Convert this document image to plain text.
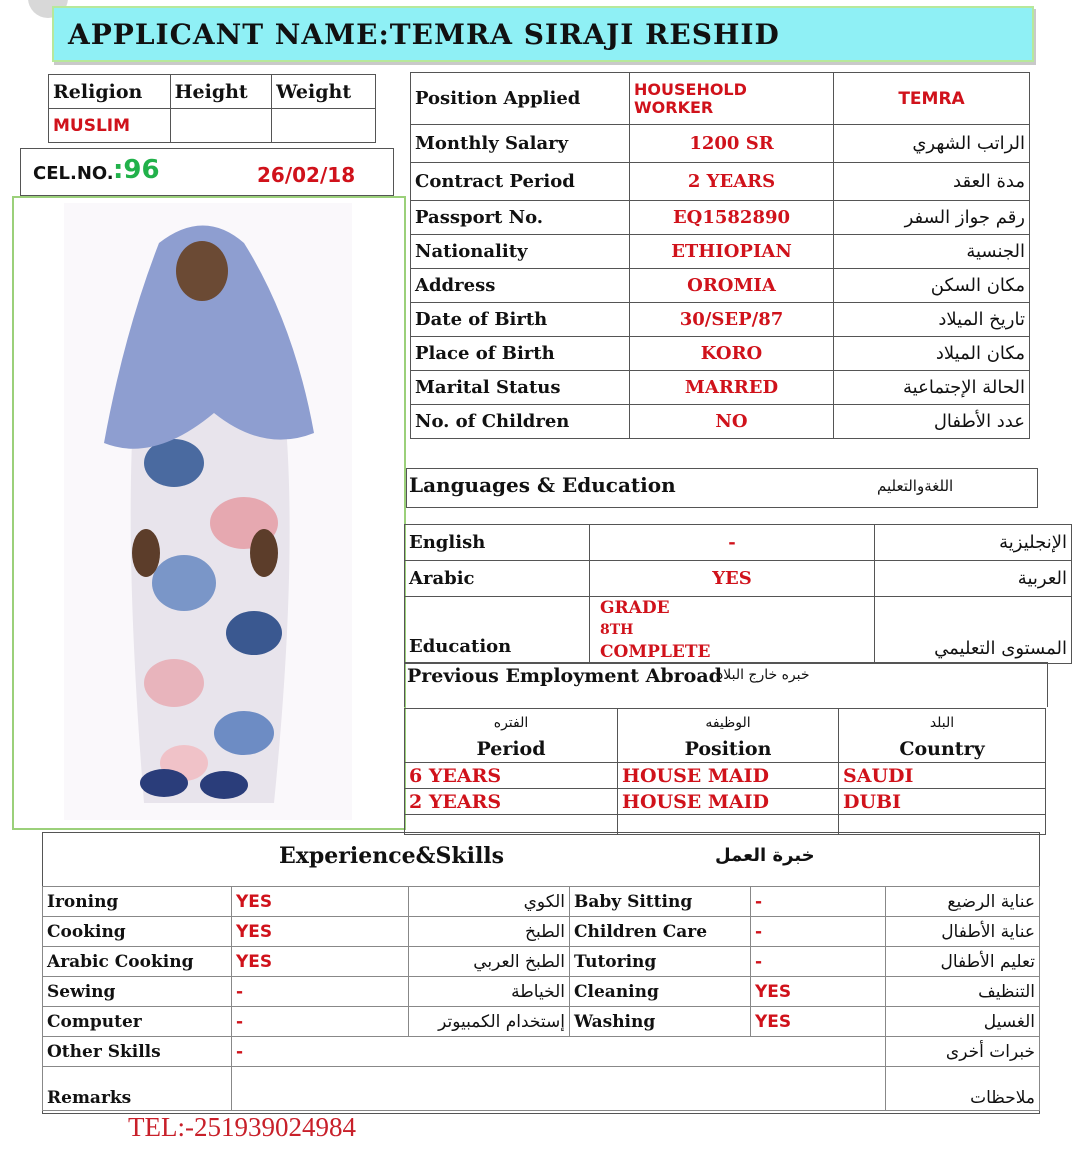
APPLICANT NAME:TEMRA SIRAJI RESHID
Religion	Height	Weight
MUSLIM		
CEL.NO. :96	26/02/18
Position Applied	HOUSEHOLD WORKER	TEMRA
Monthly Salary	1200 SR	الراتب الشهري
Contract Period	2 YEARS	مدة العقد
Passport No.	EQ1582890	رقم جواز السفر
Nationality	ETHIOPIAN	الجنسية
Address	OROMIA	مكان السكن
Date of Birth	30/SEP/87	تاريخ الميلاد
Place of Birth	KORO	مكان الميلاد
Marital Status	MARRED	الحالة الإجتماعية
No. of Children	NO	عدد الأطفال
Languages & Education	اللغةوالتعليم
English	-	الإنجليزية
Arabic	YES	العربية
Education	GRADE
8TH
COMPLETE	المستوى التعليمي
Previous Employment Abroad
خبره خارج البلاد
الفتره	الوظيفه	البلد
Period	Position	Country
6 YEARS	HOUSE MAID	SAUDI
2 YEARS	HOUSE MAID	DUBI

Experience&Skills	خبرة العمل
Ironing	YES	الكوي	Baby Sitting	-	عناية الرضيع
Cooking	YES	الطبخ	Children Care	-	عناية الأطفال
Arabic Cooking	YES	الطبخ العربي	Tutoring	-	تعليم الأطفال
Sewing	-	الخياطة	Cleaning	YES	التنظيف
Computer	-	إستخدام الكمبيوتر	Washing	YES	الغسيل
Other Skills	-				خبرات أخرى
Remarks					ملاحظات
TEL:-251939024984
